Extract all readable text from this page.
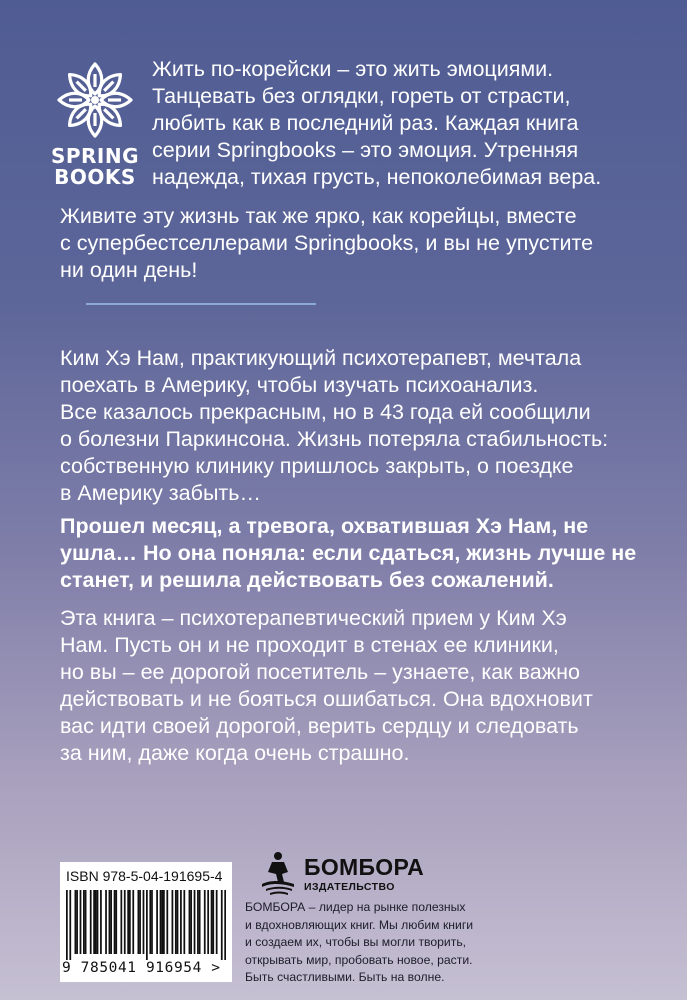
SPRING
BOOKS

Жить по-корейски – это жить эмоциями.
Танцевать без оглядки, гореть от страсти,
любить как в последний раз. Каждая книга
серии Springbooks – это эмоция. Утренняя
надежда, тихая грусть, непоколебимая вера.

Живите эту жизнь так же ярко, как корейцы, вместе
с супербестселлерами Springbooks, и вы не упустите
ни один день!

Ким Хэ Нам, практикующий психотерапевт, мечтала
поехать в Америку, чтобы изучать психоанализ.
Все казалось прекрасным, но в 43 года ей сообщили
о болезни Паркинсона. Жизнь потеряла стабильность:
собственную клинику пришлось закрыть, о поездке
в Америку забыть…

Прошел месяц, а тревога, охватившая Хэ Нам, не
ушла… Но она поняла: если сдаться, жизнь лучше не
станет, и решила действовать без сожалений.

Эта книга – психотерапевтический прием у Ким Хэ
Нам. Пусть он и не проходит в стенах ее клиники,
но вы – ее дорогой посетитель – узнаете, как важно
действовать и не бояться ошибаться. Она вдохновит
вас идти своей дорогой, верить сердцу и следовать
за ним, даже когда очень страшно.

ISBN 978-5-04-191695-4

9 785041 916954 >

БОМБОРА

ИЗДАТЕЛЬСТВО

БОМБОРА – лидер на рынке полезных
и вдохновляющих книг. Мы любим книги
и создаем их, чтобы вы могли творить,
открывать мир, пробовать новое, расти.
Быть счастливыми. Быть на волне.
